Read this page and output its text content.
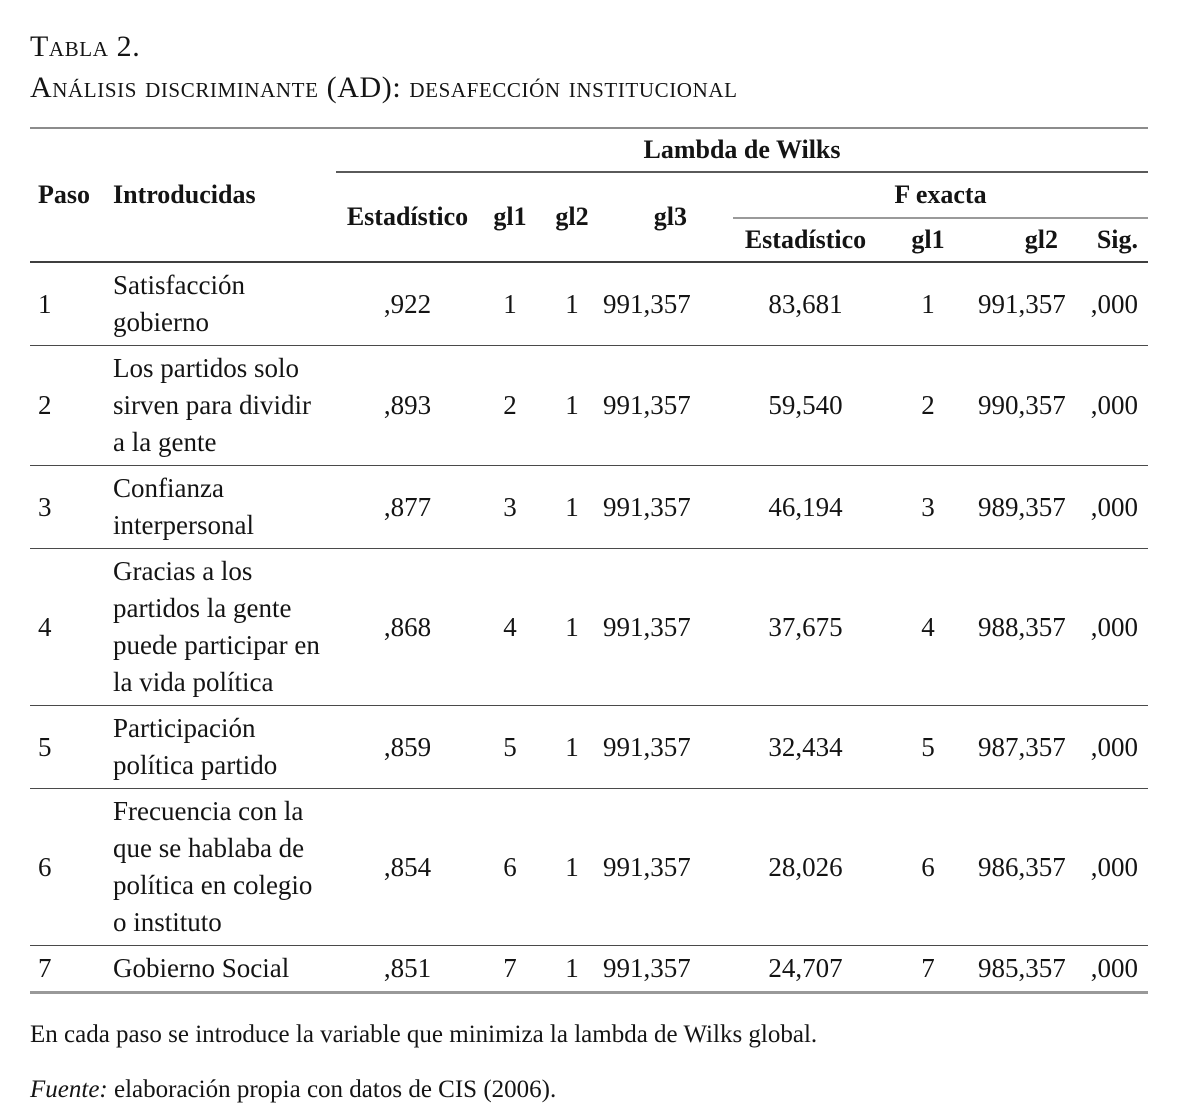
Tabla 2.
Análisis discriminante (AD): desafección institucional
Paso	Introducidas	Lambda de Wilks							
		Estadístico	gl1	gl2	gl3	F exacta			
						Estadístico	gl1	gl2	Sig.
1	Satisfacción gobierno	,922	1	1	991,357	83,681	1	991,357	,000
2	Los partidos solo sirven para dividir a la gente	,893	2	1	991,357	59,540	2	990,357	,000
3	Confianza interpersonal	,877	3	1	991,357	46,194	3	989,357	,000
4	Gracias a los partidos la gente puede participar en la vida política	,868	4	1	991,357	37,675	4	988,357	,000
5	Participación política partido	,859	5	1	991,357	32,434	5	987,357	,000
6	Frecuencia con la que se hablaba de política en colegio o instituto	,854	6	1	991,357	28,026	6	986,357	,000
7	Gobierno Social	,851	7	1	991,357	24,707	7	985,357	,000
En cada paso se introduce la variable que minimiza la lambda de Wilks global.
Fuente: elaboración propia con datos de CIS (2006).
